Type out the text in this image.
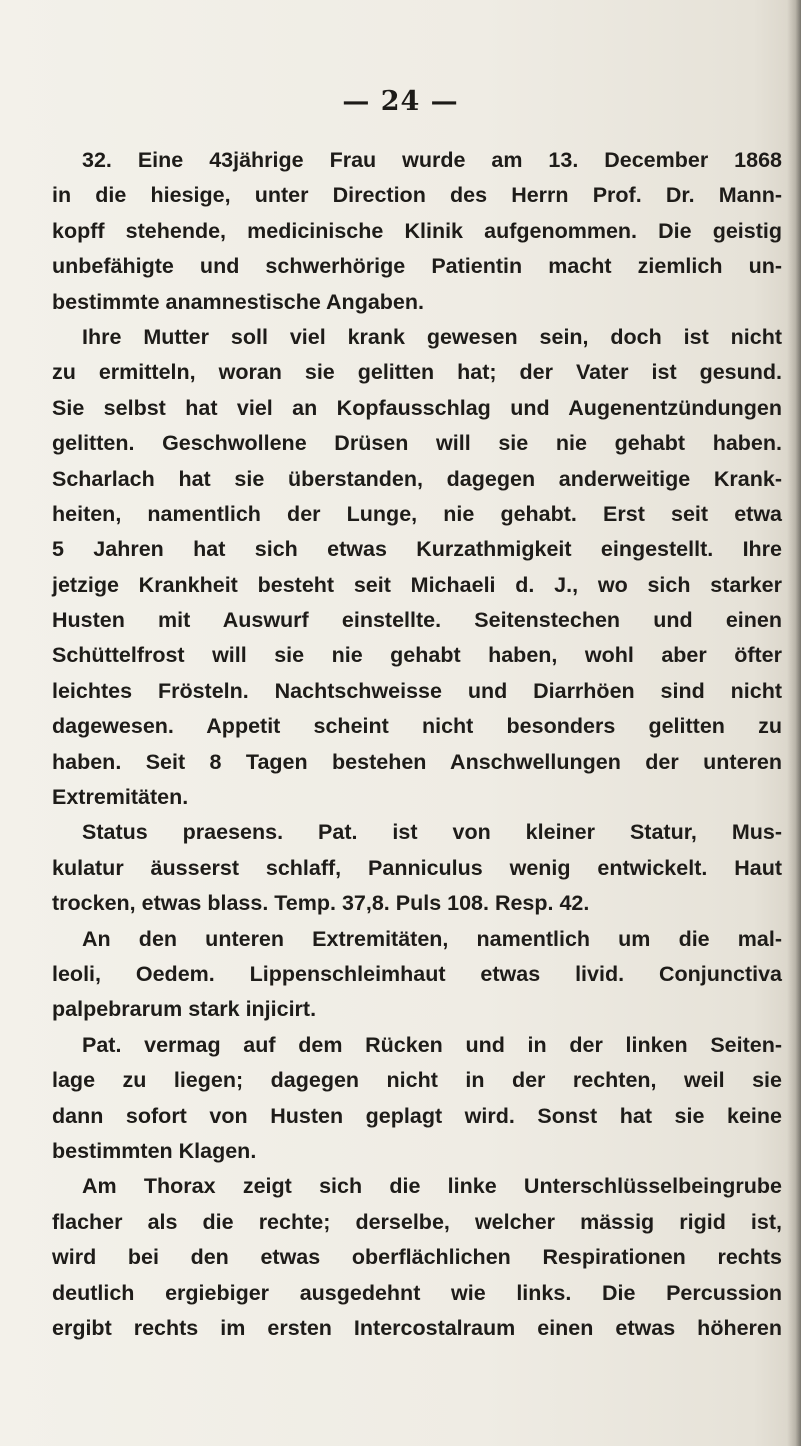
— 24 —
32. Eine 43jährige Frau wurde am 13. December 1868
in die hiesige, unter Direction des Herrn Prof. Dr. Mann-
kopff stehende, medicinische Klinik aufgenommen. Die geistig
unbefähigte und schwerhörige Patientin macht ziemlich un-
bestimmte anamnestische Angaben.
Ihre Mutter soll viel krank gewesen sein, doch ist nicht
zu ermitteln, woran sie gelitten hat; der Vater ist gesund.
Sie selbst hat viel an Kopfausschlag und Augenentzündungen
gelitten. Geschwollene Drüsen will sie nie gehabt haben.
Scharlach hat sie überstanden, dagegen anderweitige Krank-
heiten, namentlich der Lunge, nie gehabt. Erst seit etwa
5 Jahren hat sich etwas Kurzathmigkeit eingestellt. Ihre
jetzige Krankheit besteht seit Michaeli d. J., wo sich starker
Husten mit Auswurf einstellte. Seitenstechen und einen
Schüttelfrost will sie nie gehabt haben, wohl aber öfter
leichtes Frösteln. Nachtschweisse und Diarrhöen sind nicht
dagewesen. Appetit scheint nicht besonders gelitten zu
haben. Seit 8 Tagen bestehen Anschwellungen der unteren
Extremitäten.
Status praesens. Pat. ist von kleiner Statur, Mus-
kulatur äusserst schlaff, Panniculus wenig entwickelt. Haut
trocken, etwas blass. Temp. 37,8. Puls 108. Resp. 42.
An den unteren Extremitäten, namentlich um die mal-
leoli, Oedem. Lippenschleimhaut etwas livid. Conjunctiva
palpebrarum stark injicirt.
Pat. vermag auf dem Rücken und in der linken Seiten-
lage zu liegen; dagegen nicht in der rechten, weil sie
dann sofort von Husten geplagt wird. Sonst hat sie keine
bestimmten Klagen.
Am Thorax zeigt sich die linke Unterschlüsselbeingrube
flacher als die rechte; derselbe, welcher mässig rigid ist,
wird bei den etwas oberflächlichen Respirationen rechts
deutlich ergiebiger ausgedehnt wie links. Die Percussion
ergibt rechts im ersten Intercostalraum einen etwas höheren
